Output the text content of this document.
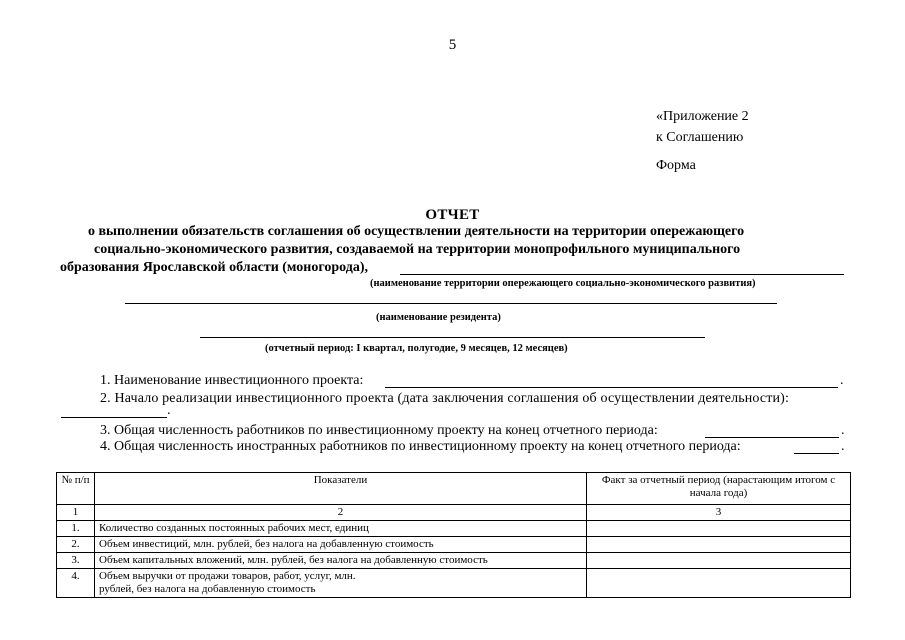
5
«Приложение 2
к Соглашению
Форма
ОТЧЕТ
о выполнении обязательств соглашения об осуществлении деятельности на территории опережающего
социально-экономического развития, создаваемой на территории монопрофильного муниципального
образования Ярославской области (моногорода),
(наименование территории опережающего социально-экономического развития)
(наименование резидента)
(отчетный период: I квартал, полугодие, 9 месяцев, 12 месяцев)
1. Наименование инвестиционного проекта:	.
2. Начало реализации инвестиционного проекта (дата заключения соглашения об осуществлении деятельности):
.
3. Общая численность работников по инвестиционному проекту на конец отчетного периода:	.
4. Общая численность иностранных работников по инвестиционному проекту на конец отчетного периода:	.
№ п/п	Показатели	Факт за отчетный период (нарастающим итогом с начала года)
1	2	3
1.	Количество созданных постоянных рабочих мест, единиц	
2.	Объем инвестиций, млн. рублей, без налога на добавленную стоимость	
3.	Объем капитальных вложений, млн. рублей, без налога на добавленную стоимость	
4.	Объем выручки от продажи товаров, работ, услуг, млн. рублей, без налога на добавленную стоимость	
